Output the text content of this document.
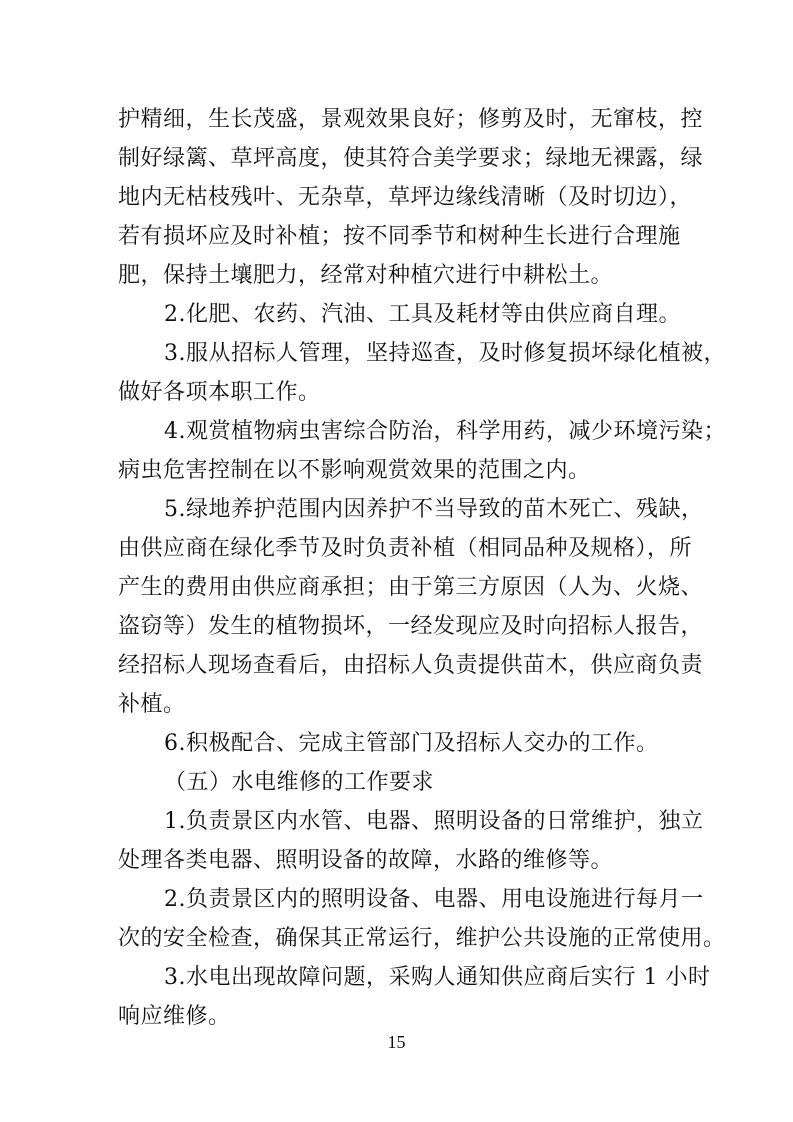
护精细，生长茂盛，景观效果良好；修剪及时，无窜枝，控
制好绿篱、草坪高度，使其符合美学要求；绿地无裸露，绿
地内无枯枝残叶、无杂草，草坪边缘线清晰（及时切边），
若有损坏应及时补植；按不同季节和树种生长进行合理施
肥，保持土壤肥力，经常对种植穴进行中耕松土。
2.化肥、农药、汽油、工具及耗材等由供应商自理。
3.服从招标人管理，坚持巡查，及时修复损坏绿化植被，
做好各项本职工作。
4.观赏植物病虫害综合防治，科学用药，减少环境污染；
病虫危害控制在以不影响观赏效果的范围之内。
5.绿地养护范围内因养护不当导致的苗木死亡、残缺，
由供应商在绿化季节及时负责补植（相同品种及规格），所
产生的费用由供应商承担；由于第三方原因（人为、火烧、
盗窃等）发生的植物损坏，一经发现应及时向招标人报告，
经招标人现场查看后，由招标人负责提供苗木，供应商负责
补植。
6.积极配合、完成主管部门及招标人交办的工作。
（五）水电维修的工作要求
1.负责景区内水管、电器、照明设备的日常维护，独立
处理各类电器、照明设备的故障，水路的维修等。
2.负责景区内的照明设备、电器、用电设施进行每月一
次的安全检查，确保其正常运行，维护公共设施的正常使用。
3.水电出现故障问题，采购人通知供应商后实行 1 小时
响应维修。
15
